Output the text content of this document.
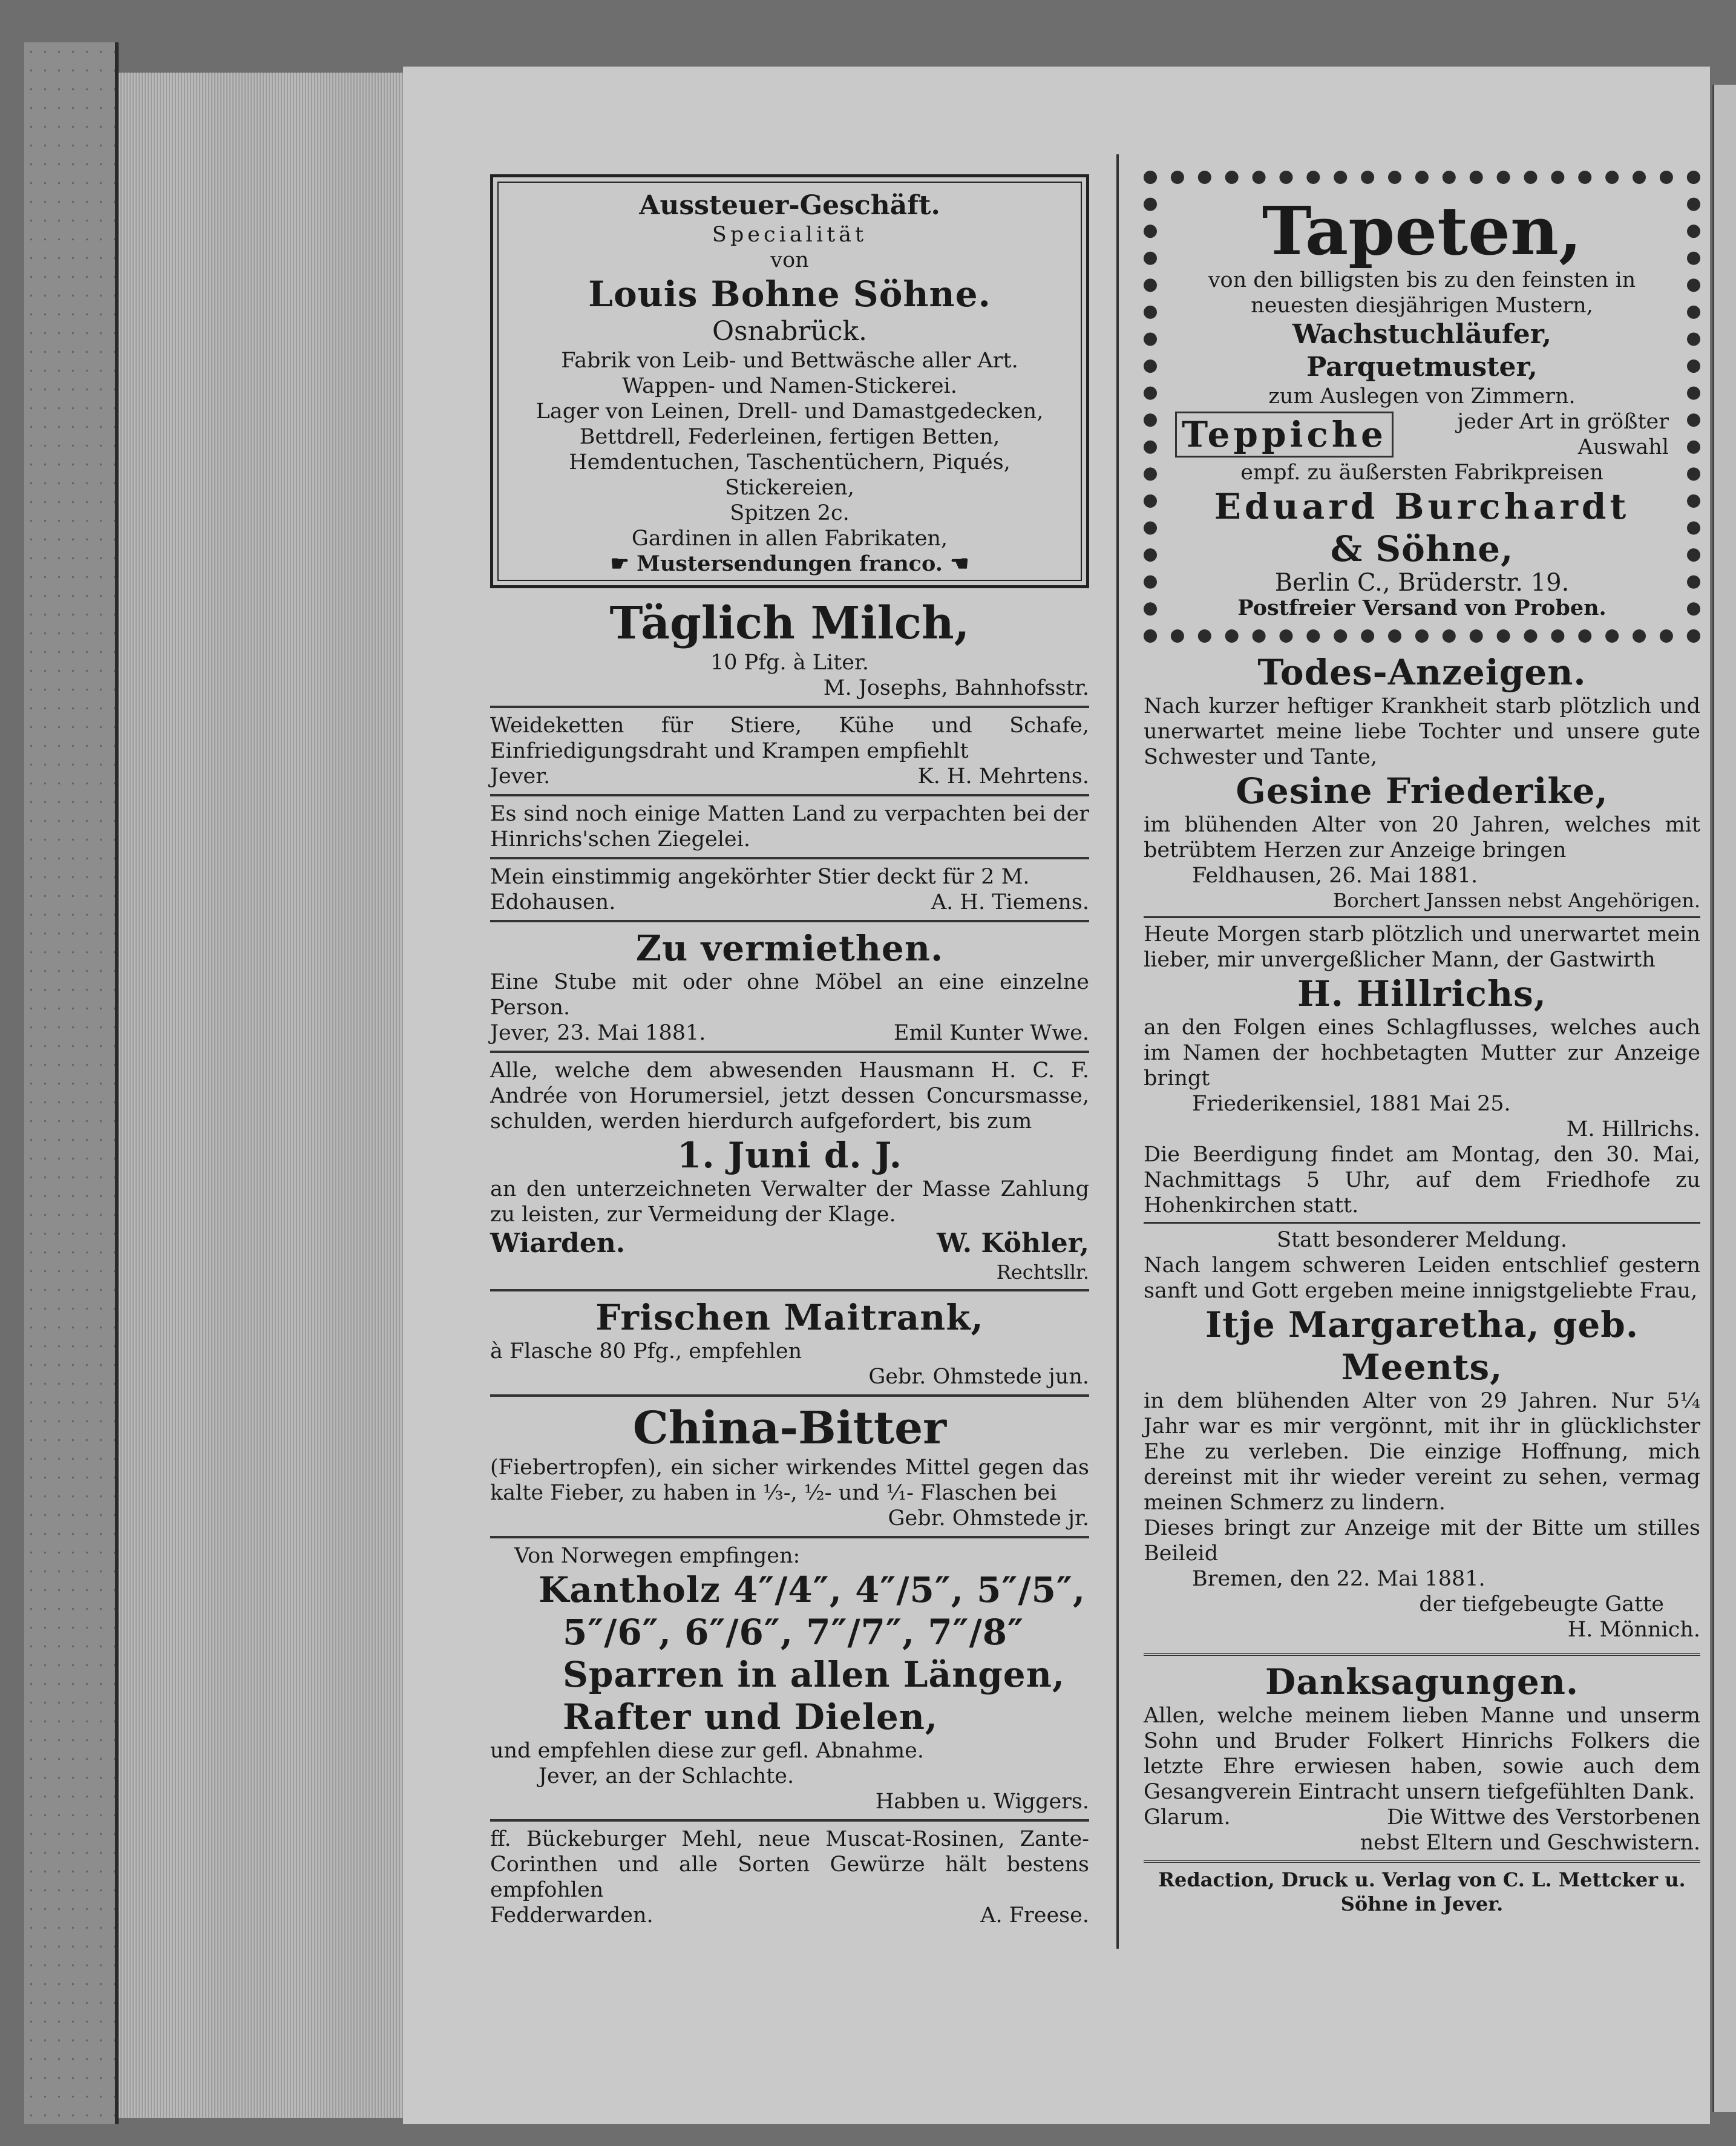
Aussteuer-Geschäft.

Specialität

von

Louis Bohne Söhne.

Osnabrück.

Fabrik von Leib- und Bettwäsche aller Art.

Wappen- und Namen-Stickerei.

Lager von Leinen, Drell- und Damastgedecken,

Bettdrell, Federleinen, fertigen Betten,

Hemdentuchen, Taschentüchern, Piqués, Stickereien,

Spitzen 2c.

Gardinen in allen Fabrikaten,

☛ Mustersendungen franco. ☚

Täglich Milch,

10 Pfg. à Liter.

M. Josephs, Bahnhofsstr.

Weideketten für Stiere, Kühe und Schafe, Einfriedigungsdraht und Krampen empfiehlt

Jever.	K. H. Mehrtens.

Es sind noch einige Matten Land zu verpachten bei der Hinrichs'schen Ziegelei.

Mein einstimmig angekörhter Stier deckt für 2 M.

Edohausen.	A. H. Tiemens.

Zu vermiethen.

Eine Stube mit oder ohne Möbel an eine einzelne Person.

Jever, 23. Mai 1881.	Emil Kunter Wwe.

Alle, welche dem abwesenden Hausmann H. C. F. Andrée von Horumersiel, jetzt dessen Concursmasse, schulden, werden hierdurch aufgefordert, bis zum

1. Juni d. J.

an den unterzeichneten Verwalter der Masse Zahlung zu leisten, zur Vermeidung der Klage.

Wiarden.	W. Köhler,

Rechtsllr.

Frischen Maitrank,

à Flasche 80 Pfg., empfehlen

Gebr. Ohmstede jun.

China-Bitter

(Fiebertropfen), ein sicher wirkendes Mittel gegen das kalte Fieber, zu haben in ⅓-, ½- und ⅟₁- Flaschen bei

Gebr. Ohmstede jr.

Von Norwegen empfingen:

Kantholz 4″/4″, 4″/5″, 5″/5″,

5″/6″, 6″/6″, 7″/7″, 7″/8″

Sparren in allen Längen,

Rafter und Dielen,

und empfehlen diese zur gefl. Abnahme.

Jever, an der Schlachte.

Habben u. Wiggers.

ff. Bückeburger Mehl, neue Muscat-Rosinen, Zante-Corinthen und alle Sorten Gewürze hält bestens empfohlen

Fedderwarden.	A. Freese.

Tapeten,

von den billigsten bis zu den feinsten in

neuesten diesjährigen Mustern,

Wachstuchläufer, Parquetmuster,

zum Auslegen von Zimmern.

Teppiche	jeder Art in größter
Auswahl

empf. zu äußersten Fabrikpreisen

Eduard Burchardt

& Söhne,

Berlin C., Brüderstr. 19.

Postfreier Versand von Proben.

Todes-Anzeigen.

Nach kurzer heftiger Krankheit starb plötzlich und unerwartet meine liebe Tochter und unsere gute Schwester und Tante,

Gesine Friederike,

im blühenden Alter von 20 Jahren, welches mit betrübtem Herzen zur Anzeige bringen

Feldhausen, 26. Mai 1881.

Borchert Janssen nebst Angehörigen.

Heute Morgen starb plötzlich und unerwartet mein lieber, mir unvergeßlicher Mann, der Gastwirth

H. Hillrichs,

an den Folgen eines Schlagflusses, welches auch im Namen der hochbetagten Mutter zur Anzeige bringt

Friederikensiel, 1881 Mai 25.

M. Hillrichs.

Die Beerdigung findet am Montag, den 30. Mai, Nachmittags 5 Uhr, auf dem Friedhofe zu Hohenkirchen statt.

Statt besonderer Meldung.

Nach langem schweren Leiden entschlief gestern sanft und Gott ergeben meine innigstgeliebte Frau,

Itje Margaretha, geb. Meents,

in dem blühenden Alter von 29 Jahren. Nur 5¼ Jahr war es mir vergönnt, mit ihr in glücklichster Ehe zu verleben. Die einzige Hoffnung, mich dereinst mit ihr wieder vereint zu sehen, vermag meinen Schmerz zu lindern.

Dieses bringt zur Anzeige mit der Bitte um stilles Beileid

Bremen, den 22. Mai 1881.

der tiefgebeugte Gatte

H. Mönnich.

Danksagungen.

Allen, welche meinem lieben Manne und unserm Sohn und Bruder Folkert Hinrichs Folkers die letzte Ehre erwiesen haben, sowie auch dem Gesangverein Eintracht unsern tiefgefühlten Dank.

Glarum.	Die Wittwe des Verstorbenen

nebst Eltern und Geschwistern.

Redaction, Druck u. Verlag von C. L. Mettcker u. Söhne in Jever.
